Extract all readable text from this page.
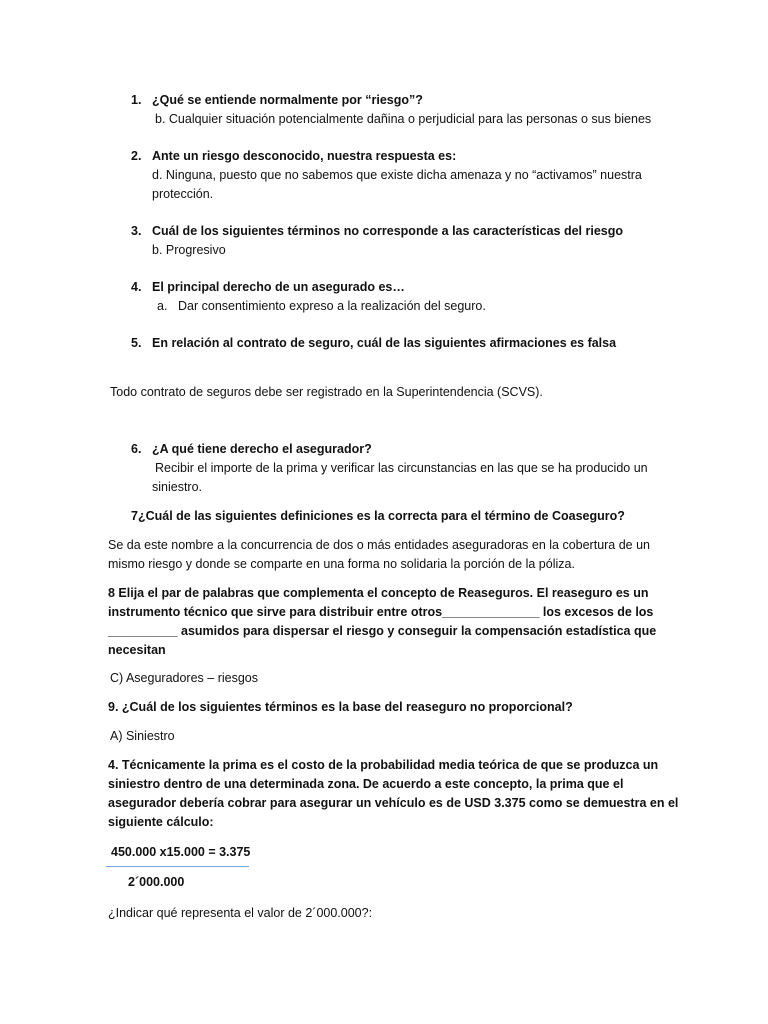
1. ¿Qué se entiende normalmente por “riesgo”?
b. Cualquier situación potencialmente dañina o perjudicial para las personas o sus bienes
2. Ante un riesgo desconocido, nuestra respuesta es:
d. Ninguna, puesto que no sabemos que existe dicha amenaza y no “activamos” nuestra
protección.
3. Cuál de los siguientes términos no corresponde a las características del riesgo
b. Progresivo
4. El principal derecho de un asegurado es…
a. Dar consentimiento expreso a la realización del seguro.
5. En relación al contrato de seguro, cuál de las siguientes afirmaciones es falsa
Todo contrato de seguros debe ser registrado en la Superintendencia (SCVS).
6. ¿A qué tiene derecho el asegurador?
Recibir el importe de la prima y verificar las circunstancias en las que se ha producido un
siniestro.
7¿Cuál de las siguientes definiciones es la correcta para el término de Coaseguro?
Se da este nombre a la concurrencia de dos o más entidades aseguradoras en la cobertura de un
mismo riesgo y donde se comparte en una forma no solidaria la porción de la póliza.
8 Elija el par de palabras que complementa el concepto de Reaseguros. El reaseguro es un
instrumento técnico que sirve para distribuir entre otros______________ los excesos de los
__________ asumidos para dispersar el riesgo y conseguir la compensación estadística que
necesitan
C) Aseguradores – riesgos
9. ¿Cuál de los siguientes términos es la base del reaseguro no proporcional?
A) Siniestro
4. Técnicamente la prima es el costo de la probabilidad media teórica de que se produzca un
siniestro dentro de una determinada zona. De acuerdo a este concepto, la prima que el
asegurador debería cobrar para asegurar un vehículo es de USD 3.375 como se demuestra en el
siguiente cálculo:
450.000 x15.000 = 3.375
2´000.000
¿Indicar qué representa el valor de 2´000.000?:
